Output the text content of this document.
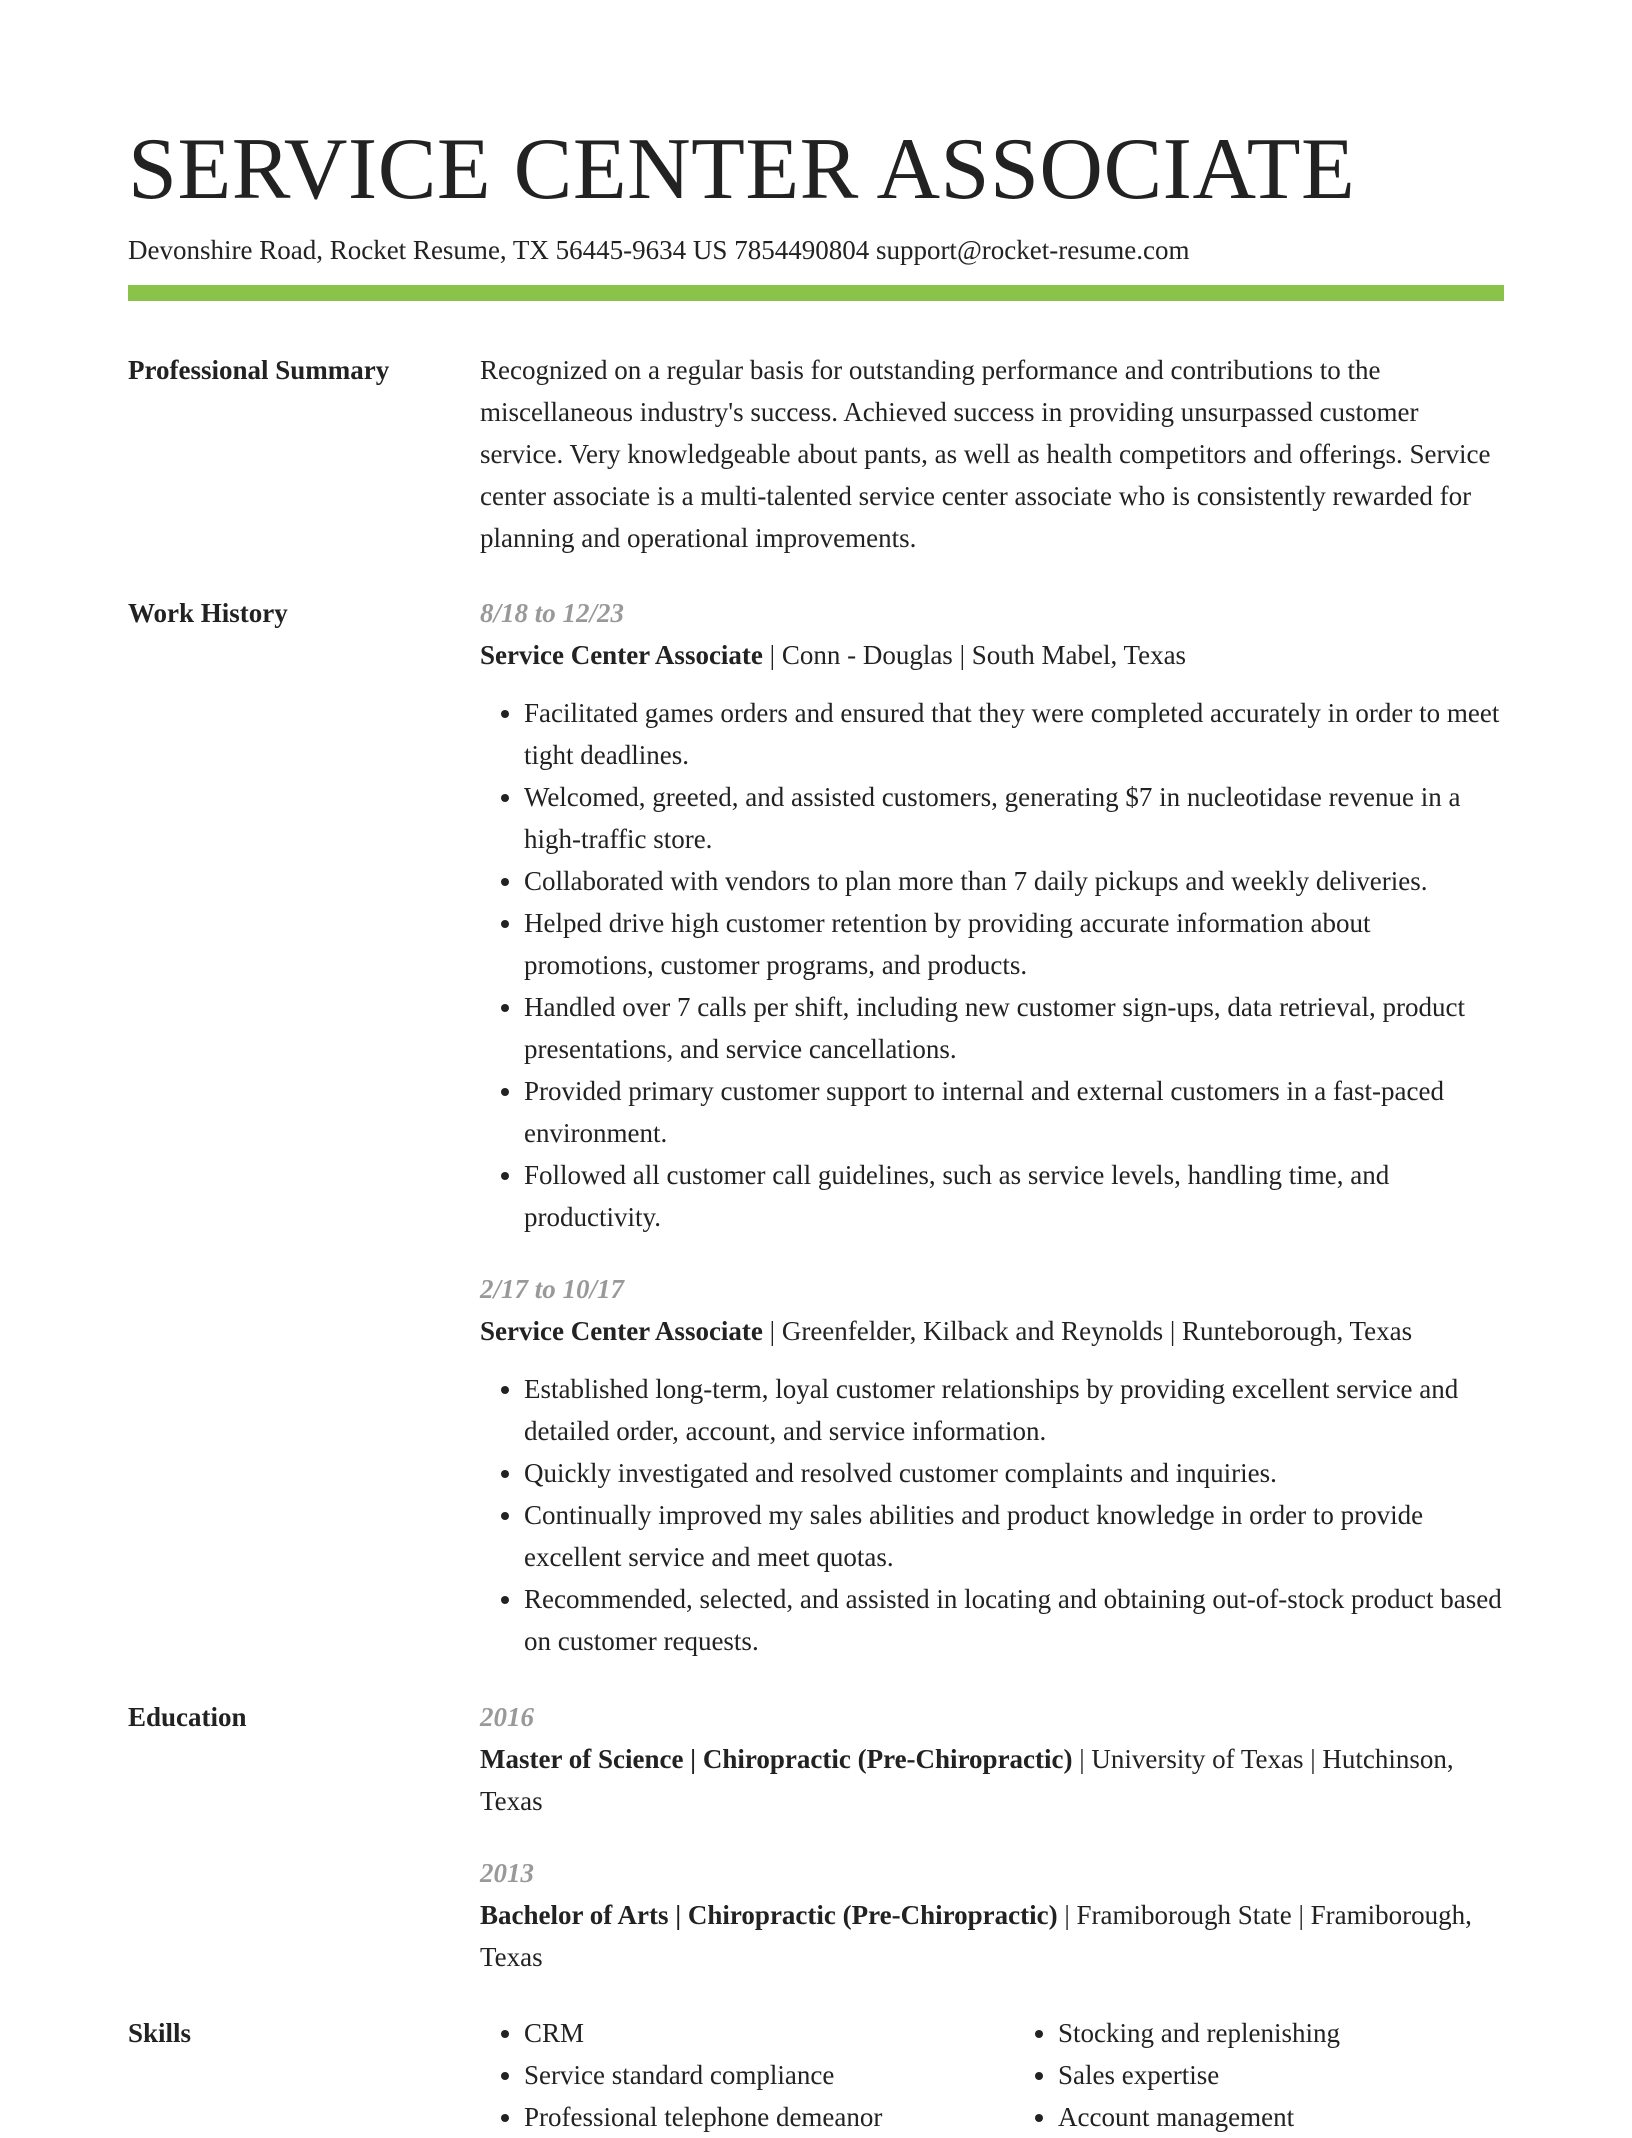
SERVICE CENTER ASSOCIATE
Devonshire Road, Rocket Resume, TX 56445-9634 US 7854490804 support@rocket-resume.com
Professional Summary	Recognized on a regular basis for outstanding performance and contributions to the miscellaneous industry's success. Achieved success in providing unsurpassed customer service. Very knowledgeable about pants, as well as health competitors and offerings. Service center associate is a multi-talented service center associate who is consistently rewarded for planning and operational improvements.

Work History	8/18 to 12/23
Service Center Associate | Conn - Douglas | South Mabel, Texas
• Facilitated games orders and ensured that they were completed accurately in order to meet tight deadlines.
• Welcomed, greeted, and assisted customers, generating $7 in nucleotidase revenue in a high-traffic store.
• Collaborated with vendors to plan more than 7 daily pickups and weekly deliveries.
• Helped drive high customer retention by providing accurate information about promotions, customer programs, and products.
• Handled over 7 calls per shift, including new customer sign-ups, data retrieval, product presentations, and service cancellations.
• Provided primary customer support to internal and external customers in a fast-paced environment.
• Followed all customer call guidelines, such as service levels, handling time, and productivity.
2/17 to 10/17
Service Center Associate | Greenfelder, Kilback and Reynolds | Runteborough, Texas
• Established long-term, loyal customer relationships by providing excellent service and detailed order, account, and service information.
• Quickly investigated and resolved customer complaints and inquiries.
• Continually improved my sales abilities and product knowledge in order to provide excellent service and meet quotas.
• Recommended, selected, and assisted in locating and obtaining out-of-stock product based on customer requests.
Education	2016
Master of Science | Chiropractic (Pre-Chiropractic) | University of Texas | Hutchinson, Texas
2013
Bachelor of Arts | Chiropractic (Pre-Chiropractic) | Framiborough State | Framiborough, Texas
Skills
•	CRM
• Service standard compliance
• Professional telephone demeanor
• Stocking and replenishing
• Sales expertise
• Account management
